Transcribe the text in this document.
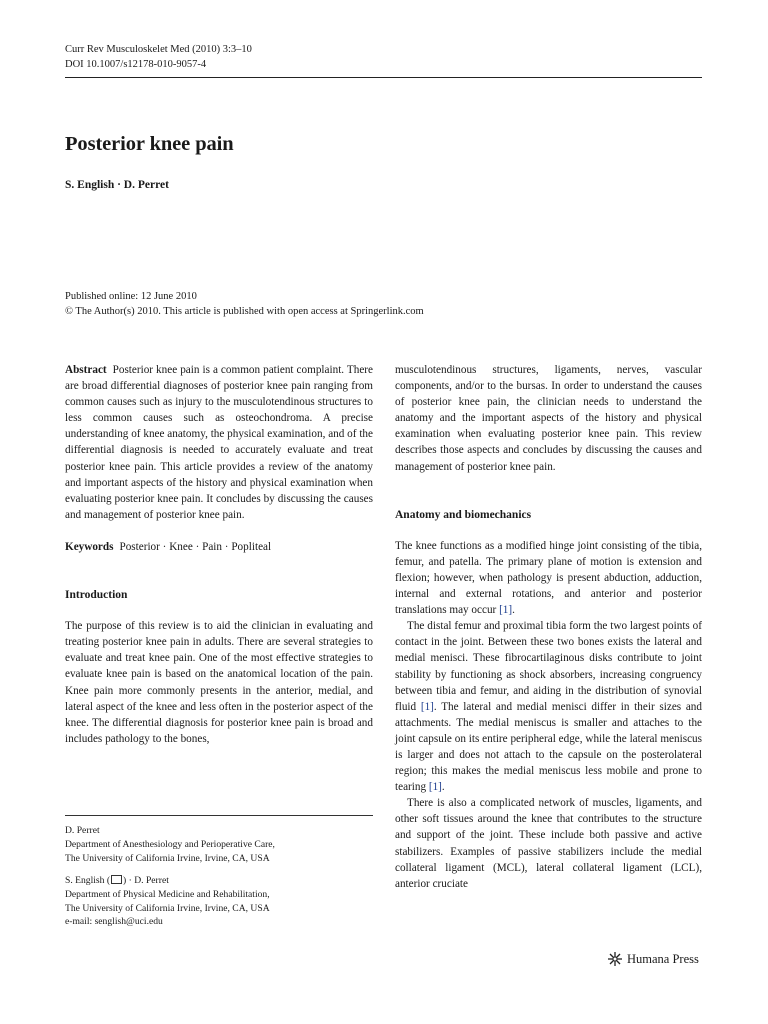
Curr Rev Musculoskelet Med (2010) 3:3–10
DOI 10.1007/s12178-010-9057-4
Posterior knee pain
S. English · D. Perret
Published online: 12 June 2010
© The Author(s) 2010. This article is published with open access at Springerlink.com

Abstract Posterior knee pain is a common patient complaint. There are broad differential diagnoses of posterior knee pain ranging from common causes such as injury to the musculotendinous structures to less common causes such as osteochondroma. A precise understanding of knee anatomy, the physical examination, and of the differential diagnosis is needed to accurately evaluate and treat posterior knee pain. This article provides a review of the anatomy and important aspects of the history and physical examination when evaluating posterior knee pain. It concludes by discussing the causes and management of posterior knee pain.

Keywords Posterior · Knee · Pain · Popliteal

Introduction

The purpose of this review is to aid the clinician in evaluating and treating posterior knee pain in adults. There are several strategies to evaluate and treat knee pain. One of the most effective strategies to evaluate knee pain is based on the anatomical location of the pain. Knee pain more commonly presents in the anterior, medial, and lateral aspect of the knee and less often in the posterior aspect of the knee. The differential diagnosis for posterior knee pain is broad and includes pathology to the bones,

musculotendinous structures, ligaments, nerves, vascular components, and/or to the bursas. In order to understand the causes of posterior knee pain, the clinician needs to understand the anatomy and the important aspects of the history and physical examination when evaluating posterior knee pain. This review describes those aspects and concludes by discussing the causes and management of posterior knee pain.

Anatomy and biomechanics

The knee functions as a modified hinge joint consisting of the tibia, femur, and patella. The primary plane of motion is extension and flexion; however, when pathology is present abduction, adduction, internal and external rotations, and anterior and posterior translations may occur [1].

The distal femur and proximal tibia form the two largest points of contact in the joint. Between these two bones exists the lateral and medial menisci. These fibrocartilaginous disks contribute to joint stability by functioning as shock absorbers, increasing congruency between tibia and femur, and aiding in the distribution of synovial fluid [1]. The lateral and medial menisci differ in their sizes and attachments. The medial meniscus is smaller and attaches to the joint capsule on its entire peripheral edge, while the lateral meniscus is larger and does not attach to the capsule on the posterolateral region; this makes the medial meniscus less mobile and prone to tearing [1].

There is also a complicated network of muscles, ligaments, and other soft tissues around the knee that contributes to the structure and support of the joint. These include both passive and active stabilizers. Examples of passive stabilizers include the medial collateral ligament (MCL), lateral collateral ligament (LCL), anterior cruciate

D. Perret
Department of Anesthesiology and Perioperative Care,
The University of California Irvine, Irvine, CA, USA
S. English ( ) · D. Perret
Department of Physical Medicine and Rehabilitation,
The University of California Irvine, Irvine, CA, USA
e-mail: senglish@uci.edu
Humana Press
